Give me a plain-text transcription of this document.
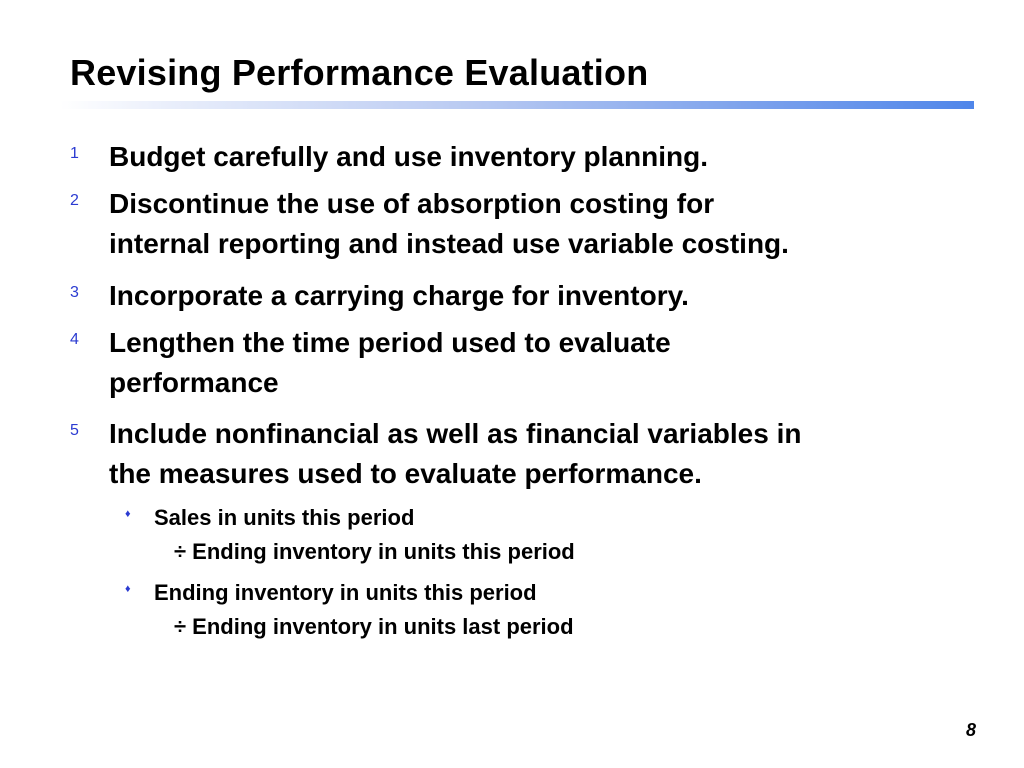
Revising Performance Evaluation
1	Budget carefully and use inventory planning.
2	Discontinue the use of absorption costing for
internal reporting and instead use variable costing.
3	Incorporate a carrying charge for inventory.
4	Lengthen the time period used to evaluate
performance
5	Include nonfinancial as well as financial variables in
the measures used to evaluate performance.
♦ Sales in units this period
÷ Ending inventory in units this period
♦ Ending inventory in units this period
÷ Ending inventory in units last period
8
